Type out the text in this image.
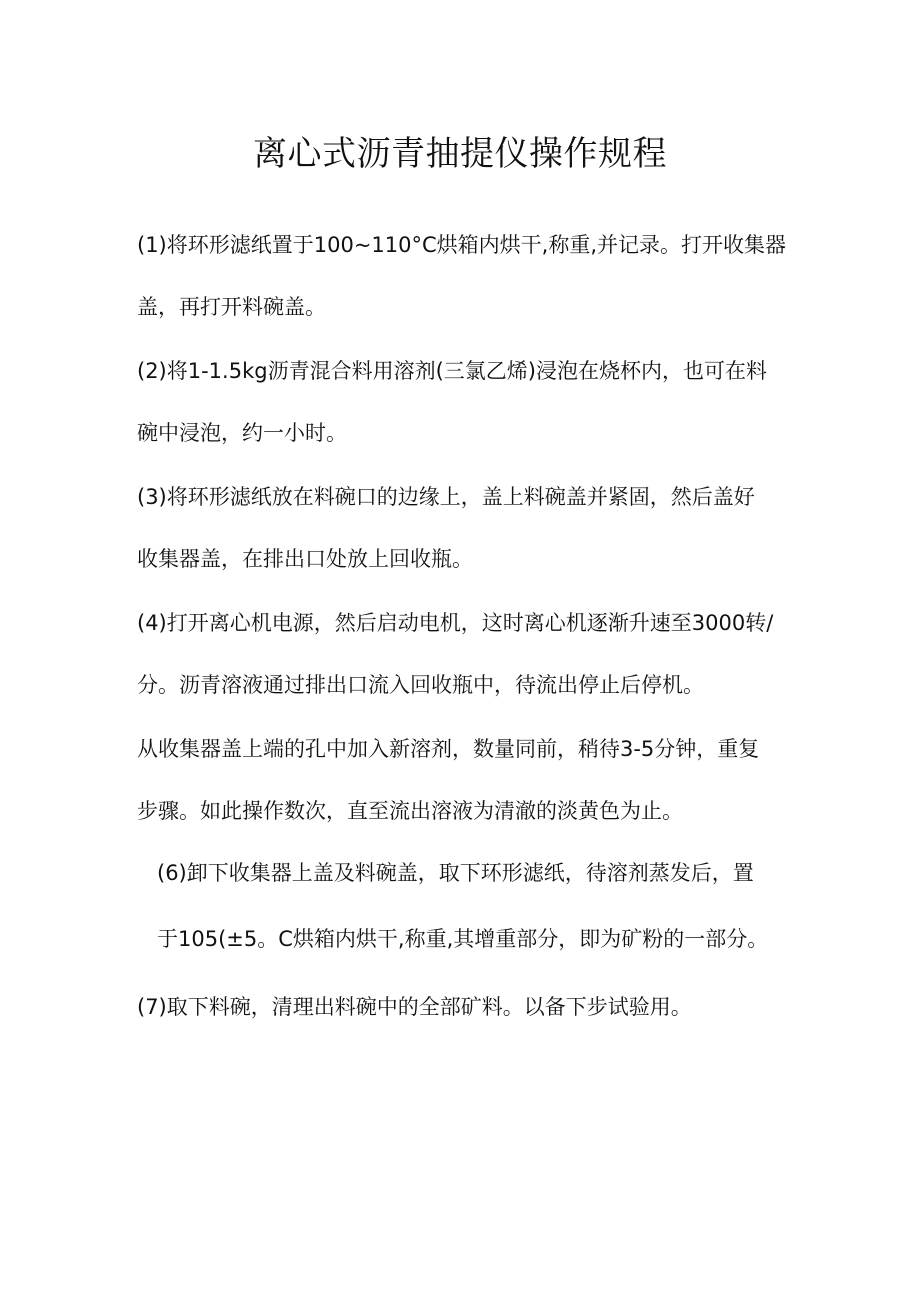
离心式沥青抽提仪操作规程

(1)将环形滤纸置于100~110°C烘箱内烘干,称重,并记录。打开收集器
盖，再打开料碗盖。

(2)将1-1.5kg沥青混合料用溶剂(三氯乙烯)浸泡在烧杯内，也可在料
碗中浸泡，约一小时。

(3)将环形滤纸放在料碗口的边缘上，盖上料碗盖并紧固，然后盖好
收集器盖，在排出口处放上回收瓶。

(4)打开离心机电源，然后启动电机，这时离心机逐渐升速至3000转/
分。沥青溶液通过排出口流入回收瓶中，待流出停止后停机。

从收集器盖上端的孔中加入新溶剂，数量同前，稍待3-5分钟，重复
步骤。如此操作数次，直至流出溶液为清澈的淡黄色为止。

(6)卸下收集器上盖及料碗盖，取下环形滤纸，待溶剂蒸发后，置
于105(±5。C烘箱内烘干,称重,其增重部分，即为矿粉的一部分。

(7)取下料碗，清理出料碗中的全部矿料。以备下步试验用。
